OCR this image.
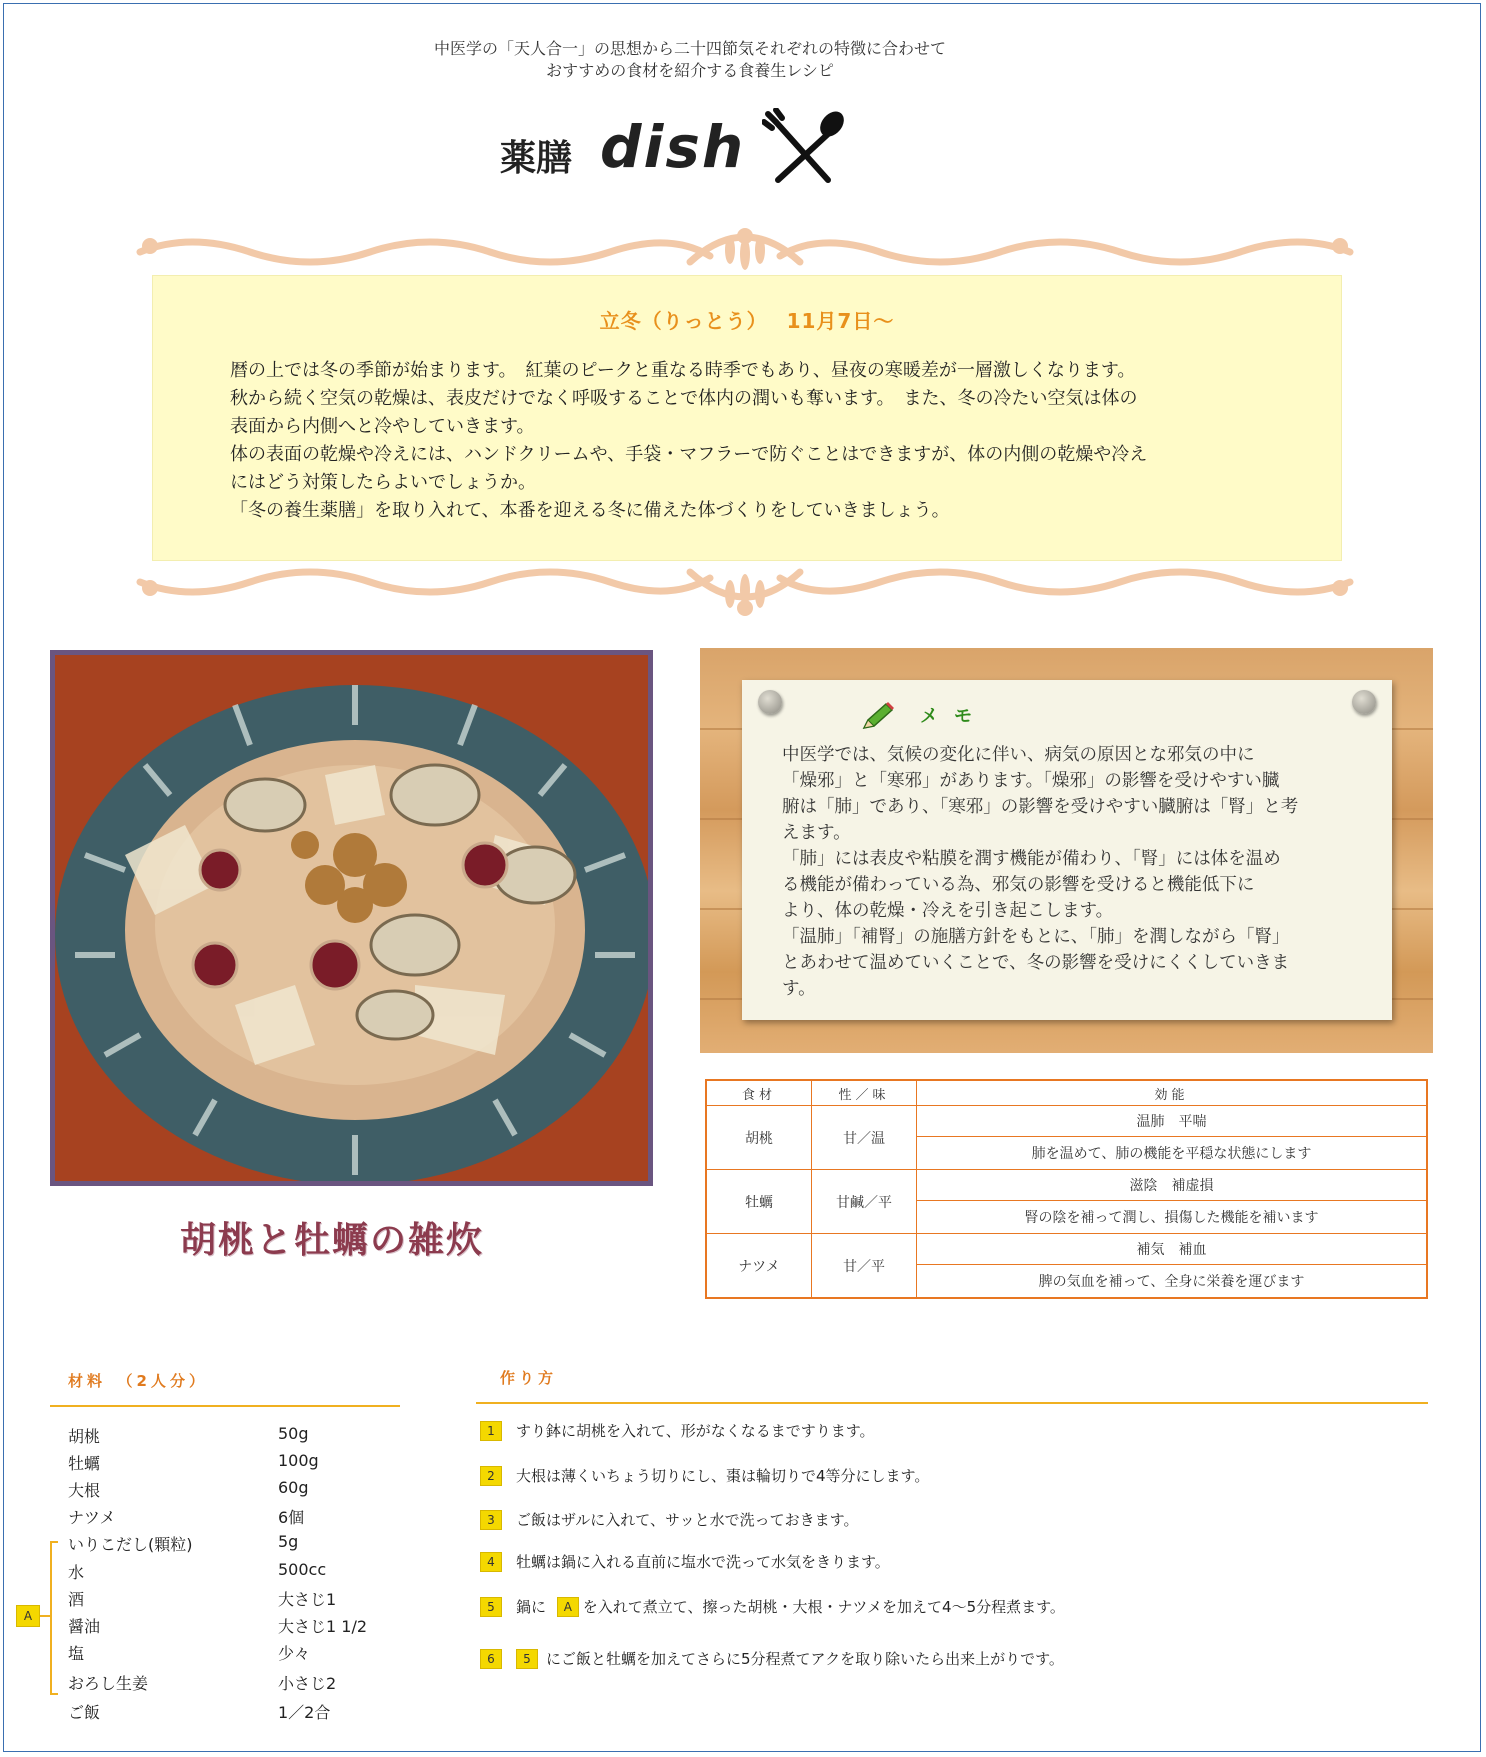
中医学の「天人合一」の思想から二十四節気それぞれの特徴に合わせて
おすすめの食材を紹介する食養生レシピ
薬膳 dish
立冬（りっとう）　 11月7日～

暦の上では冬の季節が始まります。　紅葉のピークと重なる時季でもあり、昼夜の寒暖差が一層激しくなります。

秋から続く空気の乾燥は、表皮だけでなく呼吸することで体内の潤いも奪います。　また、冬の冷たい空気は体の

表面から内側へと冷やしていきます。

体の表面の乾燥や冷えには、ハンドクリームや、手袋・マフラーで防ぐことはできますが、体の内側の乾燥や冷え

にはどう対策したらよいでしょうか。

「冬の養生薬膳」を取り入れて、本番を迎える冬に備えた体づくりをしていきましょう。

胡桃と牡蠣の雑炊
メモ

中医学では、気候の変化に伴い、病気の原因とな邪気の中に

「燥邪」と「寒邪」があります。「燥邪」の影響を受けやすい臓

腑は「肺」であり、「寒邪」の影響を受けやすい臓腑は「腎」と考

えます。

「肺」には表皮や粘膜を潤す機能が備わり、「腎」には体を温め

る機能が備わっている為、邪気の影響を受けると機能低下に

より、体の乾燥・冷えを引き起こします。

「温肺」「補腎」の施膳方針をもとに、「肺」を潤しながら「腎」

とあわせて温めていくことで、冬の影響を受けにくくしていきま

す。

食材	性／味	効能
胡桃	甘／温	温肺　平喘
		肺を温めて、肺の機能を平穏な状態にします
牡蠣	甘鹹／平	滋陰　補虚損
		腎の陰を補って潤し、損傷した機能を補います
ナツメ	甘／平	補気　補血
		脾の気血を補って、全身に栄養を運びます
材料　（2人分）
胡桃	50g
牡蠣	100g
大根	60g
ナツメ	6個
いりこだし(顆粒)	5g
水	500cc
酒	大さじ1
醤油	大さじ1 1/2
塩	少々
おろし生姜	小さじ2
ご飯	1／2合
A
作り方
1 すり鉢に胡桃を入れて、形がなくなるまですります。
2 大根は薄くいちょう切りにし、棗は輪切りで4等分にします。
3 ご飯はザルに入れて、サッと水で洗っておきます。
4 牡蠣は鍋に入れる直前に塩水で洗って水気をきります。
5 鍋に A を入れて煮立て、擦った胡桃・大根・ナツメを加えて4～5分程煮ます。
6 5 にご飯と牡蠣を加えてさらに5分程煮てアクを取り除いたら出来上がりです。
